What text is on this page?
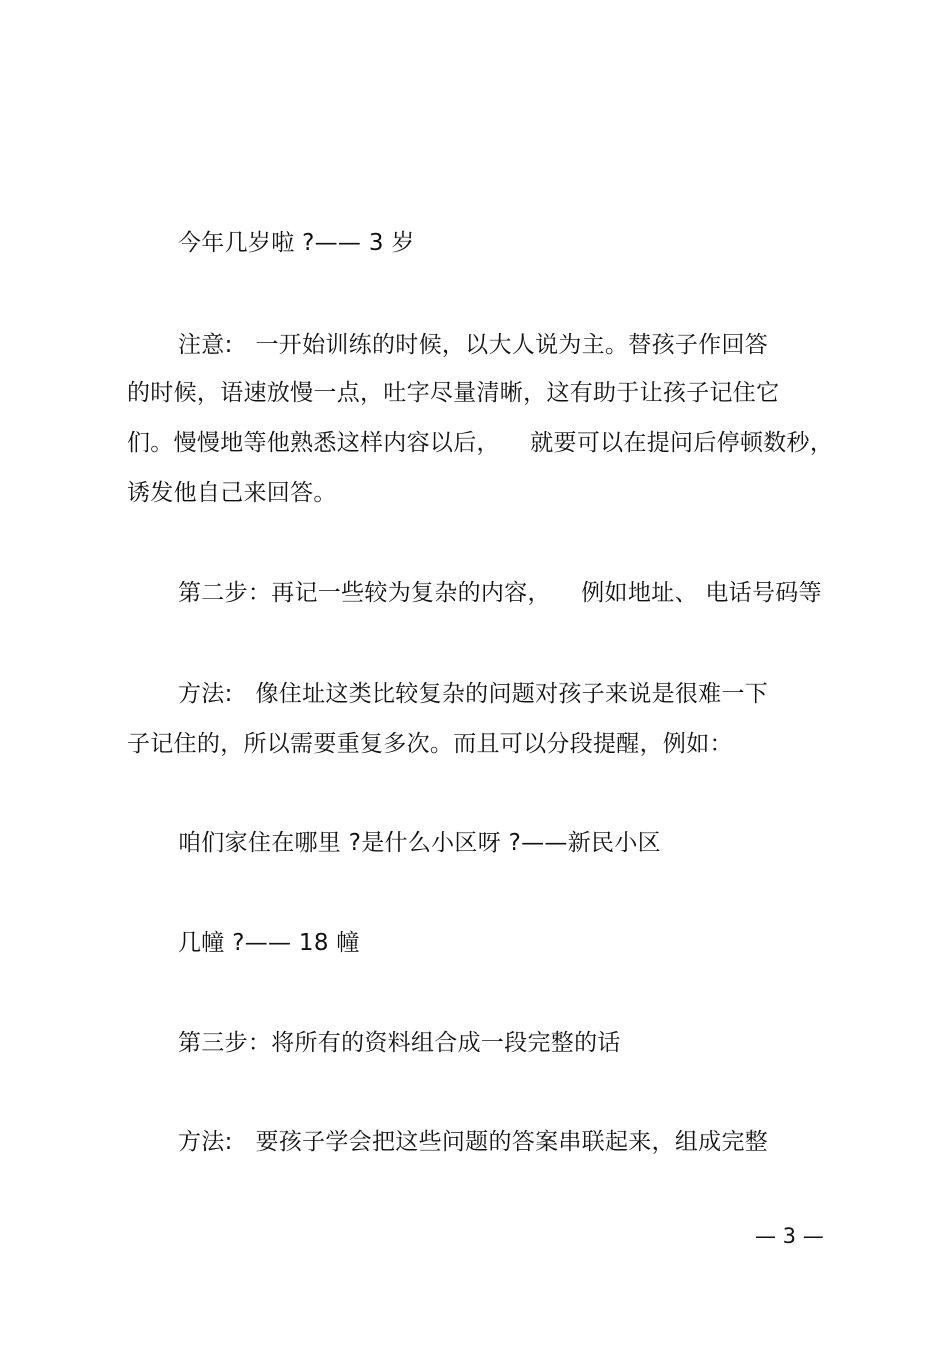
今年几岁啦 ?—— 3 岁

注意:   一开始训练的时候，以大人说为主。替孩子作回答

的时候，语速放慢一点，吐字尽量清晰，这有助于让孩子记住它

们。慢慢地等他熟悉这样内容以后，    就要可以在提问后停顿数秒，

诱发他自己来回答。

第二步：再记一些较为复杂的内容，    例如地址、 电话号码等

方法:   像住址这类比较复杂的问题对孩子来说是很难一下

子记住的，所以需要重复多次。而且可以分段提醒，例如：

咱们家住在哪里 ?是什么小区呀 ?——新民小区

几幢 ?—— 18 幢

第三步：将所有的资料组合成一段完整的话

方法:   要孩子学会把这些问题的答案串联起来，组成完整

— 3 —
